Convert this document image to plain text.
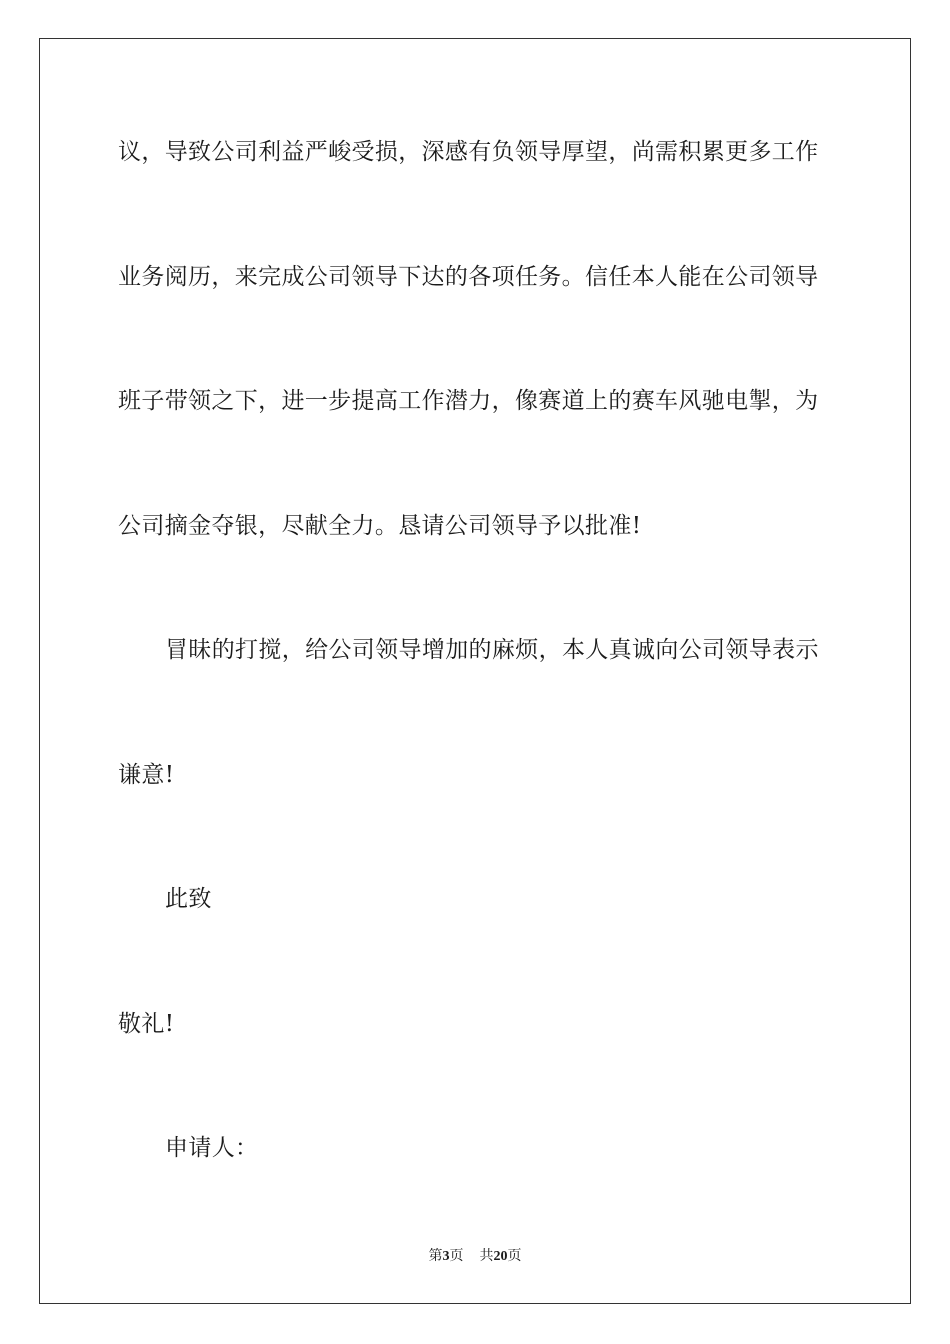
议，导致公司利益严峻受损，深感有负领导厚望，尚需积累更多工作
业务阅历，来完成公司领导下达的各项任务。信任本人能在公司领导
班子带领之下，进一步提高工作潜力，像赛道上的赛车风驰电掣，为
公司摘金夺银，尽献全力。恳请公司领导予以批准!
冒昧的打搅，给公司领导增加的麻烦，本人真诚向公司领导表示
谦意!
此致
敬礼!
申请人：
第3页 共20页
